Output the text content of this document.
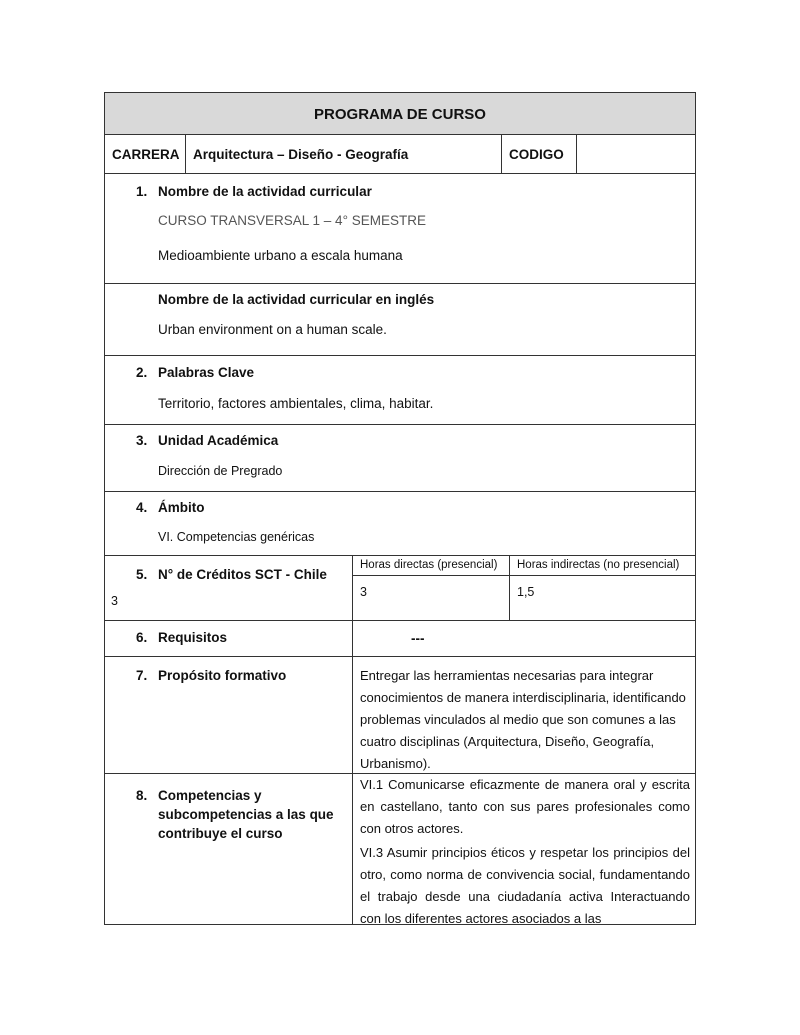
PROGRAMA DE CURSO
CARRERA Arquitectura – Diseño - Geografía	CODIGO
1. Nombre de la actividad curricular
CURSO TRANSVERSAL 1 – 4° SEMESTRE
Medioambiente urbano a escala humana
Nombre de la actividad curricular en inglés
Urban environment on a human scale.
2. Palabras Clave
Territorio, factores ambientales, clima, habitar.
3. Unidad Académica
Dirección de Pregrado
4. Ámbito
VI. Competencias genéricas
5. N° de Créditos SCT - Chile
3
Horas directas (presencial) Horas indirectas (no presencial)
3	1,5
6. Requisitos	---
7. Propósito formativo	Entregar las herramientas necesarias para integrar conocimientos de manera interdisciplinaria, identificando problemas vinculados al medio que son comunes a las cuatro disciplinas (Arquitectura, Diseño, Geografía, Urbanismo).
8. Competencias y subcompetencias a las que contribuye el curso
VI.1 Comunicarse eficazmente de manera oral y escrita en castellano, tanto con sus pares profesionales como con otros actores.
VI.3 Asumir principios éticos y respetar los principios del otro, como norma de convivencia social, fundamentando el trabajo desde una ciudadanía activa Interactuando con los diferentes actores asociados a las
